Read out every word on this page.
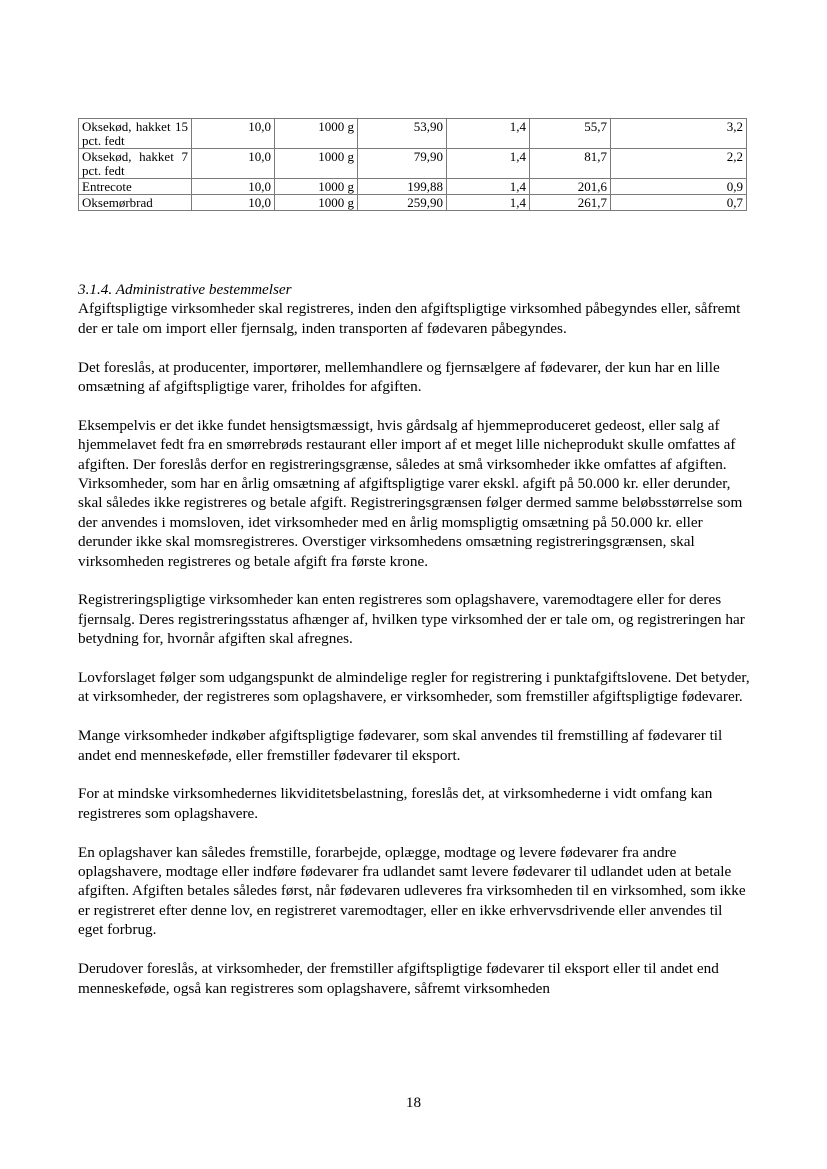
Oksekød, hakket 15 pct. fedt	10,0	1000 g	53,90	1,4	55,7	3,2
Oksekød, hakket 7 pct. fedt	10,0	1000 g	79,90	1,4	81,7	2,2
Entrecote	10,0	1000 g	199,88	1,4	201,6	0,9
Oksemørbrad	10,0	1000 g	259,90	1,4	261,7	0,7
3.1.4. Administrative bestemmelser

Afgiftspligtige virksomheder skal registreres, inden den afgiftspligtige virksomhed påbegyndes eller, såfremt der er tale om import eller fjernsalg, inden transporten af fødevaren påbegyndes.

Det foreslås, at producenter, importører, mellemhandlere og fjernsælgere af fødevarer, der kun har en lille omsætning af afgiftspligtige varer, friholdes for afgiften.

Eksempelvis er det ikke fundet hensigtsmæssigt, hvis gårdsalg af hjemmeproduceret gedeost, eller salg af hjemmelavet fedt fra en smørrebrøds restaurant eller import af et meget lille nicheprodukt skulle omfattes af afgiften. Der foreslås derfor en registreringsgrænse, således at små virksomheder ikke omfattes af afgiften. Virksomheder, som har en årlig omsætning af afgiftspligtige varer ekskl. afgift på 50.000 kr. eller derunder, skal således ikke registreres og betale afgift. Registreringsgrænsen følger dermed samme beløbsstørrelse som der anvendes i momsloven, idet virksomheder med en årlig momspligtig omsætning på 50.000 kr. eller derunder ikke skal momsregistreres. Overstiger virksomhedens omsætning registreringsgrænsen, skal virksomheden registreres og betale afgift fra første krone.

Registreringspligtige virksomheder kan enten registreres som oplagshavere, varemodtagere eller for deres fjernsalg. Deres registreringsstatus afhænger af, hvilken type virksomhed der er tale om, og registreringen har betydning for, hvornår afgiften skal afregnes.

Lovforslaget følger som udgangspunkt de almindelige regler for registrering i punktafgiftslovene. Det betyder, at virksomheder, der registreres som oplagshavere, er virksomheder, som fremstiller afgiftspligtige fødevarer.

Mange virksomheder indkøber afgiftspligtige fødevarer, som skal anvendes til fremstilling af fødevarer til andet end menneskeføde, eller fremstiller fødevarer til eksport.

For at mindske virksomhedernes likviditetsbelastning, foreslås det, at virksomhederne i vidt omfang kan registreres som oplagshavere.

En oplagshaver kan således fremstille, forarbejde, oplægge, modtage og levere fødevarer fra andre oplagshavere, modtage eller indføre fødevarer fra udlandet samt levere fødevarer til udlandet uden at betale afgiften. Afgiften betales således først, når fødevaren udleveres fra virksomheden til en virksomhed, som ikke er registreret efter denne lov, en registreret varemodtager, eller en ikke erhvervsdrivende eller anvendes til eget forbrug.

Derudover foreslås, at virksomheder, der fremstiller afgiftspligtige fødevarer til eksport eller til andet end menneskeføde, også kan registreres som oplagshavere, såfremt virksomheden

18
